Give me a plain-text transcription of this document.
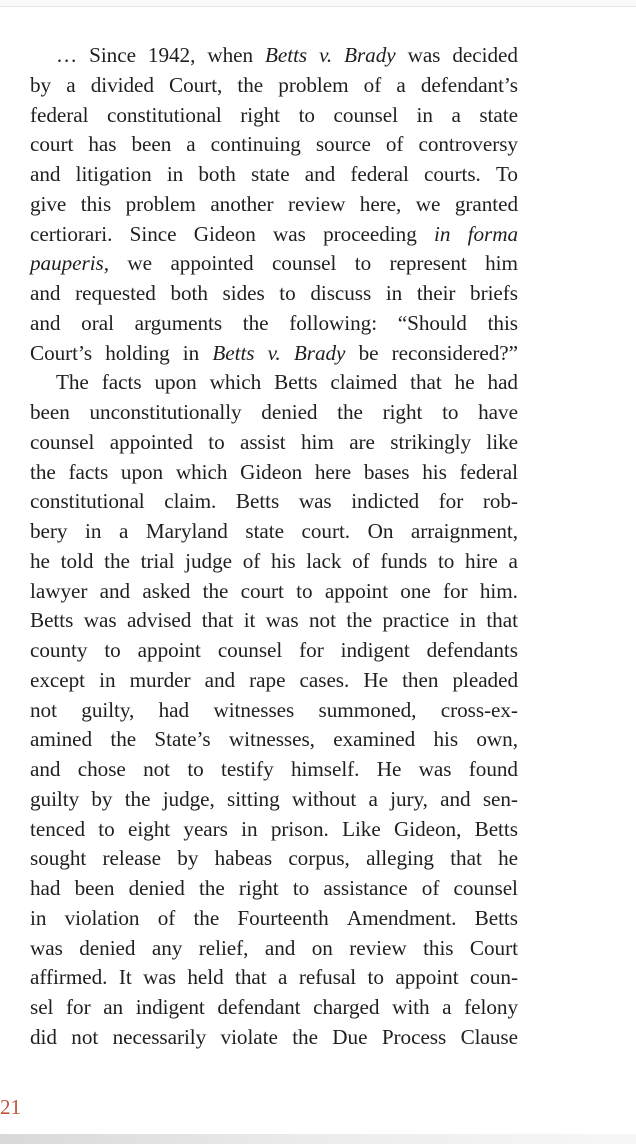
… Since 1942, when Betts v. Brady was decided
by a divided Court, the problem of a defendant’s
federal constitutional right to counsel in a state
court has been a continuing source of controversy
and litigation in both state and federal courts. To
give this problem another review here, we granted
certiorari. Since Gideon was proceeding in forma
pauperis, we appointed counsel to represent him
and requested both sides to discuss in their briefs
and oral arguments the following: “Should this
Court’s holding in Betts v. Brady be reconsidered?”
The facts upon which Betts claimed that he had
been unconstitutionally denied the right to have
counsel appointed to assist him are strikingly like
the facts upon which Gideon here bases his federal
constitutional claim. Betts was indicted for rob-
bery in a Maryland state court. On arraignment,
he told the trial judge of his lack of funds to hire a
lawyer and asked the court to appoint one for him.
Betts was advised that it was not the practice in that
county to appoint counsel for indigent defendants
except in murder and rape cases. He then pleaded
not guilty, had witnesses summoned, cross-ex-
amined the State’s witnesses, examined his own,
and chose not to testify himself. He was found
guilty by the judge, sitting without a jury, and sen-
tenced to eight years in prison. Like Gideon, Betts
sought release by habeas corpus, alleging that he
had been denied the right to assistance of counsel
in violation of the Fourteenth Amendment. Betts
was denied any relief, and on review this Court
affirmed. It was held that a refusal to appoint coun-
sel for an indigent defendant charged with a felony
did not necessarily violate the Due Process Clause
21
